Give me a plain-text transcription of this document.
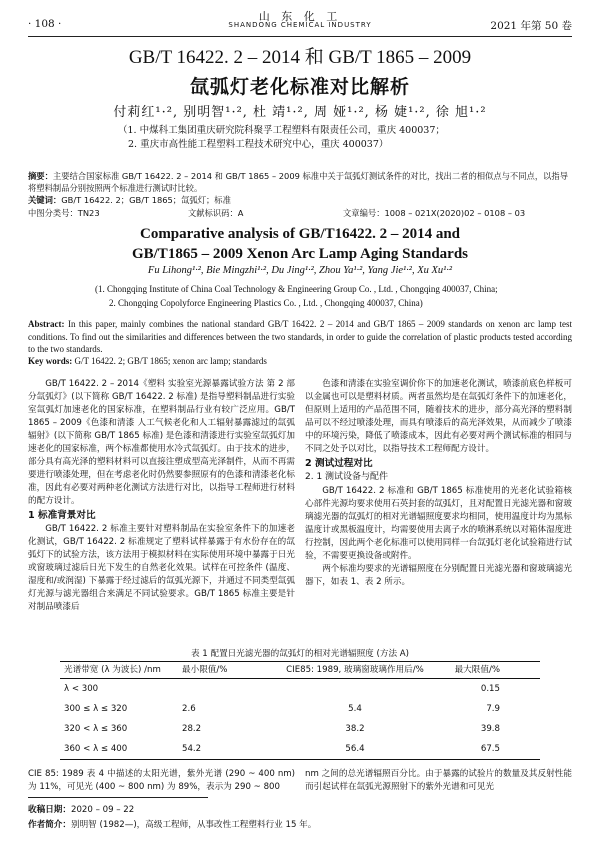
· 108 ·
山 东 化 工
SHANDONG CHEMICAL INDUSTRY	2021 年第 50 卷
GB/T 16422. 2 – 2014 和 GB/T 1865 – 2009
氙弧灯老化标准对比解析
付莉红¹·², 别明智¹·², 杜 靖¹·², 周 娅¹·², 杨 婕¹·², 徐 旭¹·²
（1. 中煤科工集团重庆研究院科聚孚工程塑料有限责任公司，重庆 400037；
2. 重庆市高性能工程塑料工程技术研究中心，重庆 400037）
摘要：主要结合国家标准 GB/T 16422. 2 – 2014 和 GB/T 1865 – 2009 标准中关于氙弧灯测试条件的对比，找出二者的相似点与不同点，以指导将塑料制品分别按照两个标准进行测试时比较。
关键词：GB/T 16422. 2；GB/T 1865；氙弧灯；标准
中图分类号：TN23	文献标识码：A	文章编号：1008 – 021X(2020)02 – 0108 – 03
Comparative analysis of GB/T16422. 2 – 2014 and
GB/T1865 – 2009 Xenon Arc Lamp Aging Standards
Fu Lihong¹·², Bie Mingzhi¹·², Du Jing¹·², Zhou Ya¹·², Yang Jie¹·², Xu Xu¹·²
(1. Chongqing Institute of China Coal Technology & Engineering Group Co. , Ltd. , Chongqing 400037, China;
2. Chongqing Copolyforce Engineering Plastics Co. , Ltd. , Chongqing 400037, China)
Abstract: In this paper, mainly combines the national standard GB/T 16422. 2 – 2014 and GB/T 1865 – 2009 standards on xenon arc lamp test conditions. To find out the similarities and differences between the two standards, in order to guide the correlation of plastic products tested according to the two standards.
Key words: G/T 16422. 2; GB/T 1865; xenon arc lamp; standards

GB/T 16422. 2 – 2014《塑料 实验室光源暴露试验方法 第 2 部分氙弧灯》(以下简称 GB/T 16422. 2 标准) 是指导塑料制品进行实验室氙弧灯加速老化的国家标准，在塑料制品行业有较广泛应用。GB/T 1865 – 2009《色漆和清漆 人工气候老化和人工辐射暴露滤过的氙弧辐射》(以下简称 GB/T 1865 标准) 是色漆和清漆进行实验室氙弧灯加速老化的国家标准，两个标准都使用水冷式氙弧灯。由于技术的进步，部分具有高光泽的塑料材料可以直接注塑成型高光泽制件，从而不再需要进行喷漆处理，但在考虑老化时仍然要参照原有的色漆和清漆老化标准，因此有必要对两种老化测试方法进行对比，以指导工程师进行材料的配方设计。

1 标准背景对比

GB/T 16422. 2 标准主要针对塑料制品在实验室条件下的加速老化测试，GB/T 16422. 2 标准规定了塑料试样暴露于有水份存在的氙弧灯下的试验方法，该方法用于模拟材料在实际使用环境中暴露于日光或窗玻璃过滤后日光下发生的自然老化效果。试样在可控条件 (温度、湿度和/或润湿) 下暴露于经过滤后的氙弧光源下，并通过不同类型氙弧灯光源与滤光器组合来满足不同试验要求。GB/T 1865 标准主要是针对制品喷漆后

色漆和清漆在实验室调价你下的加速老化测试，喷漆前底色样板可以金属也可以是塑料材质。两者虽然均是在氙弧灯条件下的加速老化，但原则上适用的产品范围不同，随着技术的进步，部分高光泽的塑料制品可以不经过喷漆处理，而具有喷漆后的高光泽效果，从而减少了喷漆中的环境污染，降低了喷漆成本，因此有必要对两个测试标准的相同与不同之处予以对比，以指导技术工程师配方设计。

2 测试过程对比
2. 1 测试设备与配件

GB/T 16422. 2 标准和 GB/T 1865 标准使用的光老化试验箱核心部件光源均要求使用石英封套的氙弧灯，且对配置日光滤光器和窗玻璃滤光器的氙弧灯的相对光谱辐照度要求均相同，使用温度计均为黑标温度计或黑板温度计，均需要使用去离子水的喷淋系统以对箱体湿度进行控制，因此两个老化标准可以使用同样一台氙弧灯老化试验箱进行试验，不需要更换设备或附件。

两个标准均要求的光谱辐照度在分别配置日光滤光器和窗玻璃滤光器下，如表 1、表 2 所示。

表 1 配置日光滤光器的氙弧灯的相对光谱辐照度 (方法 A)
光谱带宽 (λ 为波长) /nm	最小限值/%	CIE85: 1989, 玻璃窗玻璃作用后/%	最大限值/%
λ < 300			0.15
300 ≤ λ ≤ 320	2.6	5.4	7.9
320 < λ ≤ 360	28.2	38.2	39.8
360 < λ ≤ 400	54.2	56.4	67.5
CIE 85: 1989 表 4 中描述的太阳光谱，紫外光谱 (290 ~ 400 nm) 为 11%，可见光 (400 ~ 800 nm) 为 89%，表示为 290 ~ 800
nm 之间的总光谱辐照百分比。由于暴露的试验片的数量及其反射性能而引起试样在氙弧光源照射下的紫外光谱和可见光
收稿日期：2020 – 09 – 22
作者简介：别明智 (1982—)，高级工程师，从事改性工程塑料行业 15 年。
